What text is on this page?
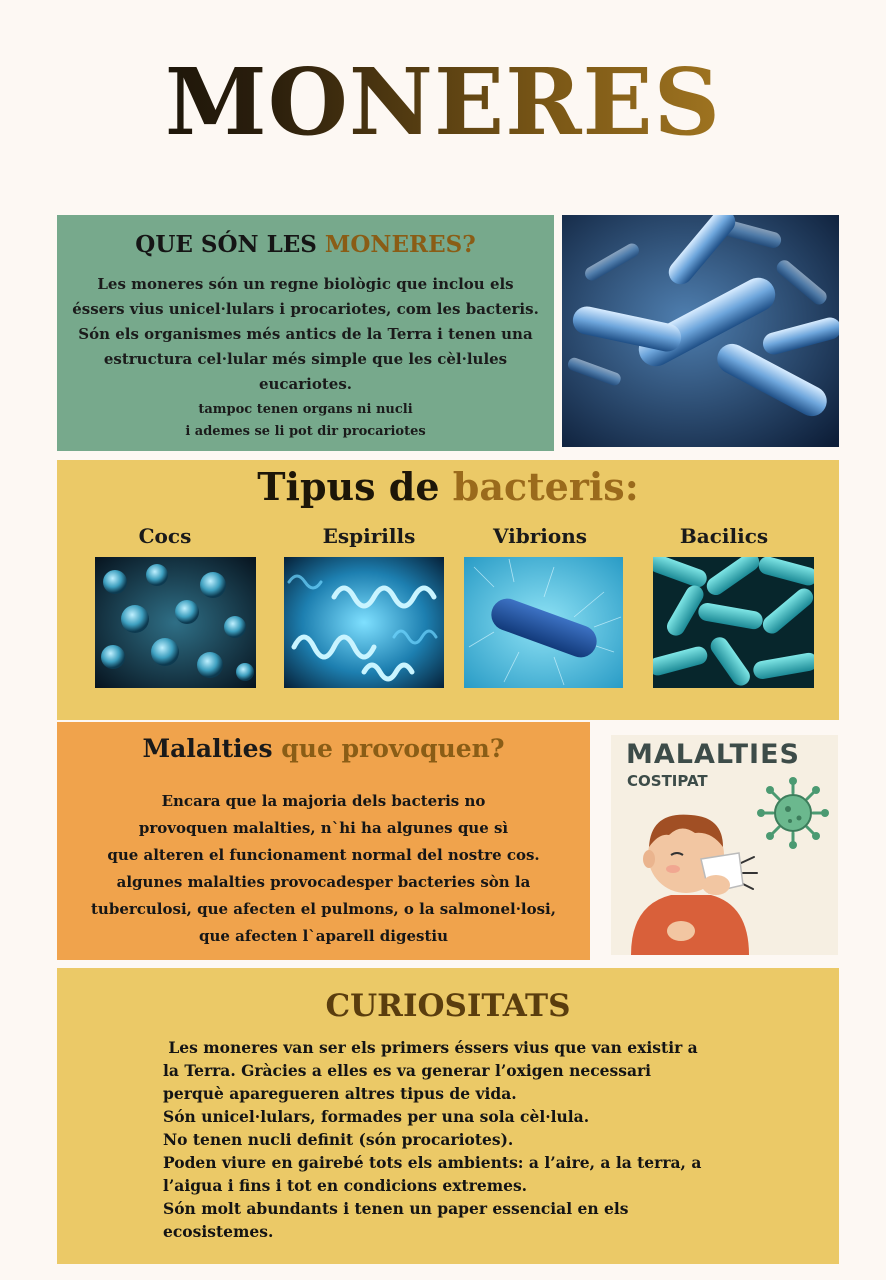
MONERES
QUE SÓN LES MONERES?
Les moneres són un regne biològic que inclou els éssers vius unicel·lulars i procariotes, com les bacteris. Són els organismes més antics de la Terra i tenen una estructura cel·lular més simple que les cèl·lules eucariotes.
tampoc tenen organs ni nucli
i ademes se li pot dir procariotes
Tipus de bacteris:
Cocs	Espirills	Vibrions	Bacilics
Malalties que provoquen?
Encara que la majoria dels bacteris no
provoquen malalties, n`hi ha algunes que sì
que alteren el funcionament normal del nostre cos.
algunes malalties provocadesper bacteries sòn la
tuberculosi, que afecten el pulmons, o la salmonel·losi,
que afecten l`aparell digestiu
MALALTIES
COSTIPAT
CURIOSITATS

Les moneres van ser els primers éssers vius que van existir a

la Terra. Gràcies a elles es va generar l’oxigen necessari

perquè aparegueren altres tipus de vida.

Són unicel·lulars, formades per una sola cèl·lula.

No tenen nucli definit (són procariotes).

Poden viure en gairebé tots els ambients: a l’aire, a la terra, a

l’aigua i fins i tot en condicions extremes.

Són molt abundants i tenen un paper essencial en els

ecosistemes.
